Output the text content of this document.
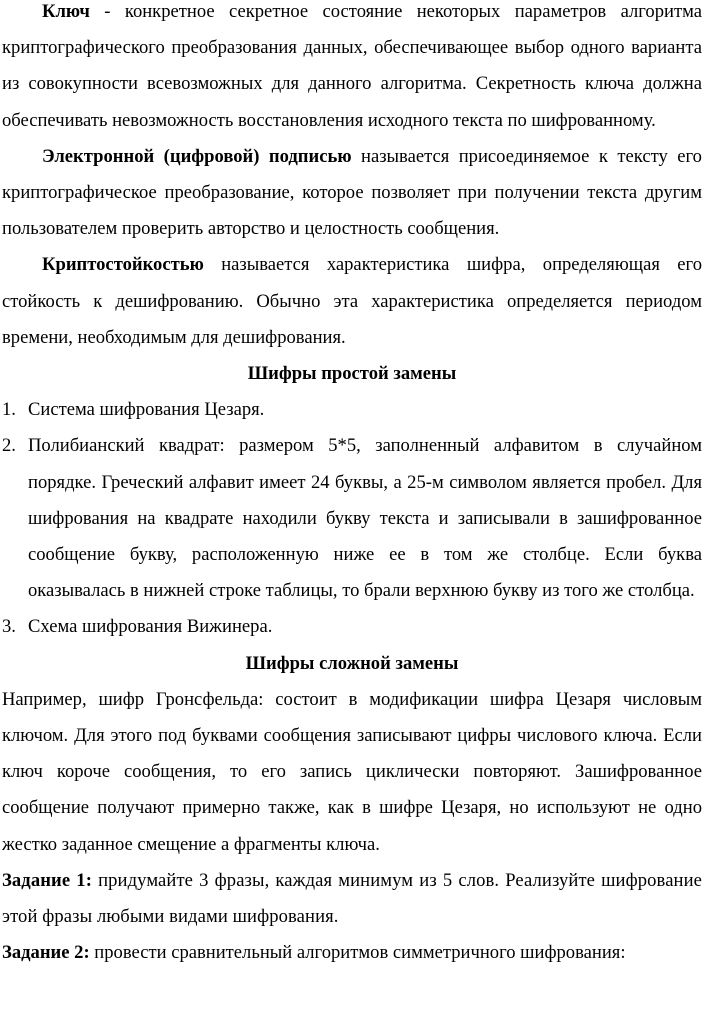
Ключ - конкретное секретное состояние некоторых параметров алгоритма криптографического преобразования данных, обеспечивающее выбор одного варианта из совокупности всевозможных для данного алгоритма. Секретность ключа должна обеспечивать невозможность восстановления исходного текста по шифрованному.

Электронной (цифровой) подписью называется присоединяемое к тексту его криптографическое преобразование, которое позволяет при получении текста другим пользователем проверить авторство и целостность сообщения.

Криптостойкостью называется характеристика шифра, определяющая его стойкость к дешифрованию. Обычно эта характеристика определяется периодом времени, необходимым для дешифрования.

Шифры простой замены
1. Система шифрования Цезаря.
2. Полибианский квадрат: размером 5*5, заполненный алфавитом в случайном порядке. Греческий алфавит имеет 24 буквы, а 25-м символом является пробел. Для шифрования на квадрате находили букву текста и записывали в зашифрованное сообщение букву, расположенную ниже ее в том же столбце. Если буква оказывалась в нижней строке таблицы, то брали верхнюю букву из того же столбца.
3. Схема шифрования Вижинера.
Шифры сложной замены

Например, шифр Гронсфельда: состоит в модификации шифра Цезаря числовым ключом. Для этого под буквами сообщения записывают цифры числового ключа. Если ключ короче сообщения, то его запись циклически повторяют. Зашифрованное сообщение получают примерно также, как в шифре Цезаря, но используют не одно жестко заданное смещение а фрагменты ключа.

Задание 1: придумайте 3 фразы, каждая минимум из 5 слов. Реализуйте шифрование этой фразы любыми видами шифрования.

Задание 2: провести сравнительный алгоритмов симметричного шифрования:
